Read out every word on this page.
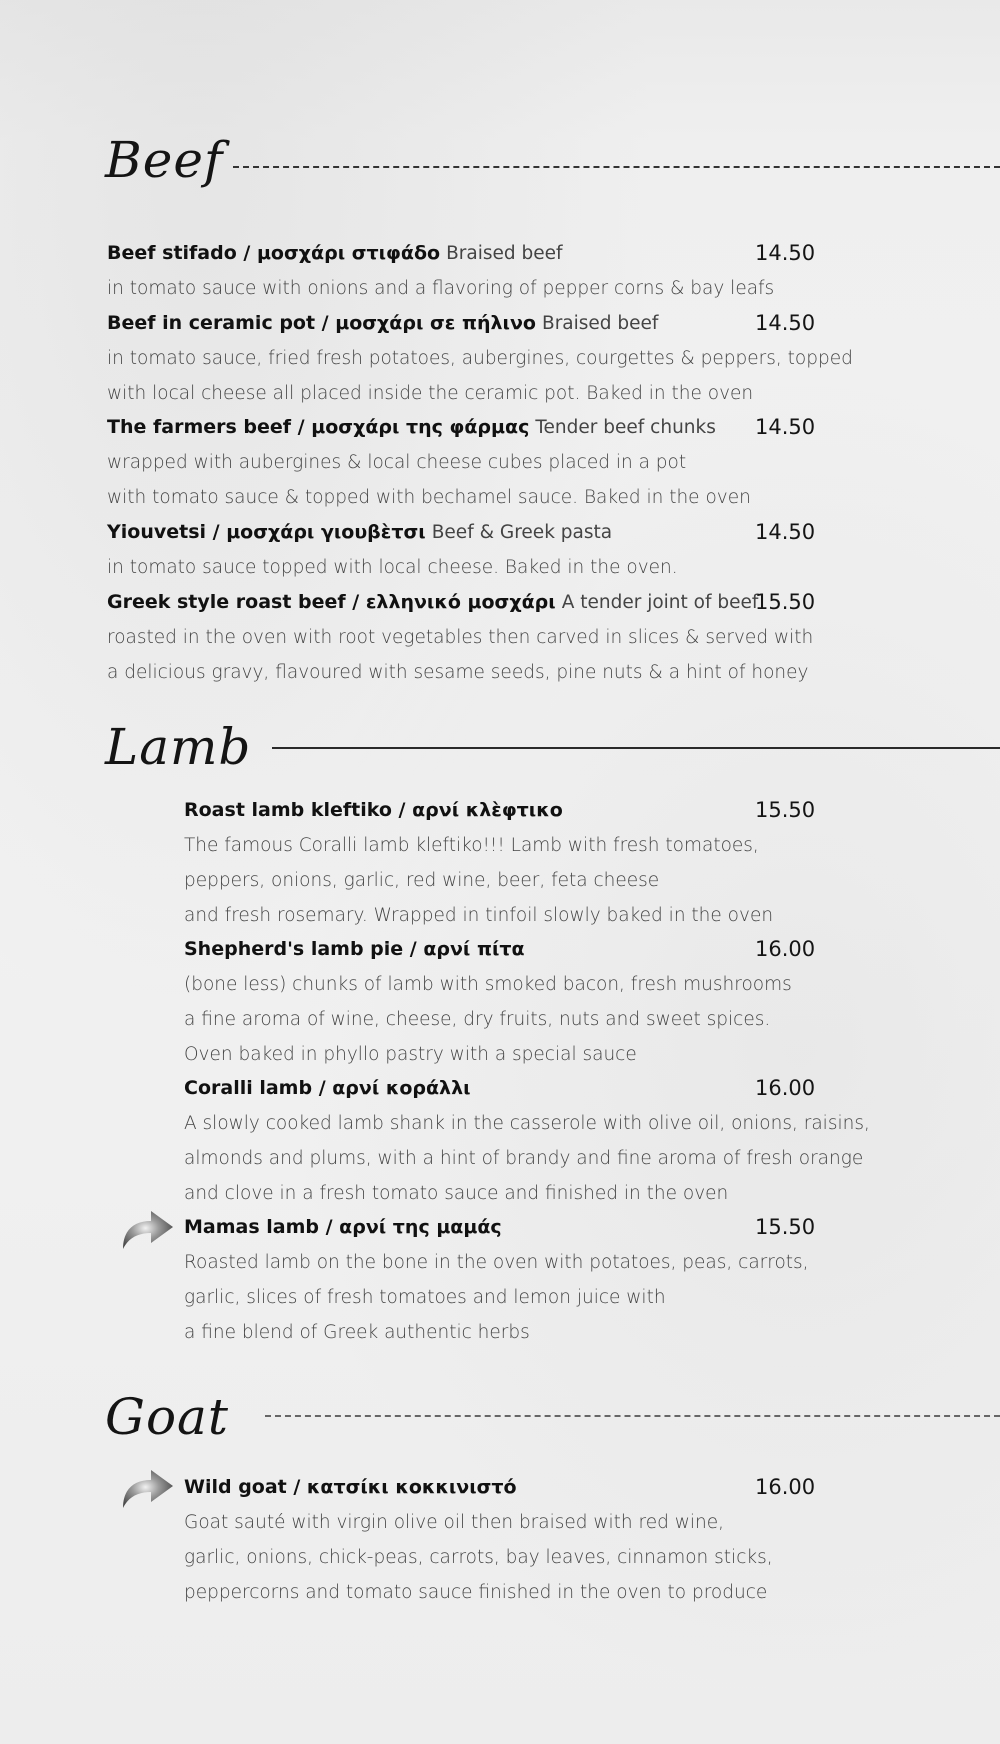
Beef
Beef stifado / μοσχάρι στιφάδο Braised beef
in tomato sauce with onions and a flavoring of pepper corns & bay leafs
14.50
Beef in ceramic pot / μοσχάρι σε πήλινο Braised beef
in tomato sauce, fried fresh potatoes, aubergines, courgettes & peppers, topped
with local cheese all placed inside the ceramic pot. Baked in the oven
14.50
The farmers beef / μοσχάρι της φάρμας Tender beef chunks
wrapped with aubergines & local cheese cubes placed in a pot
with tomato sauce & topped with bechamel sauce. Baked in the oven
14.50
Yiouvetsi / μοσχάρι γιουβὲτσι Beef & Greek pasta
in tomato sauce topped with local cheese. Baked in the oven.
14.50
Greek style roast beef / ελληνικό μοσχάρι A tender joint of beef
roasted in the oven with root vegetables then carved in slices & served with
a delicious gravy, flavoured with sesame seeds, pine nuts & a hint of honey
15.50
Lamb
Roast lamb kleftiko / αρνί κλὲφτικο
The famous Coralli lamb kleftiko!!! Lamb with fresh tomatoes,
peppers, onions, garlic, red wine, beer, feta cheese
and fresh rosemary. Wrapped in tinfoil slowly baked in the oven
15.50
Shepherd's lamb pie / αρνί πίτα
(bone less) chunks of lamb with smoked bacon, fresh mushrooms
a fine aroma of wine, cheese, dry fruits, nuts and sweet spices.
Oven baked in phyllo pastry with a special sauce
16.00
Coralli lamb / αρνί κοράλλι
A slowly cooked lamb shank in the casserole with olive oil, onions, raisins,
almonds and plums, with a hint of brandy and fine aroma of fresh orange
and clove in a fresh tomato sauce and finished in the oven
16.00
Mamas lamb / αρνί της μαμάς
Roasted lamb on the bone in the oven with potatoes, peas, carrots,
garlic, slices of fresh tomatoes and lemon juice with
a fine blend of Greek authentic herbs
15.50
Goat
Wild goat / κατσίκι κοκκινιστό
Goat sauté with virgin olive oil then braised with red wine,
garlic, onions, chick-peas, carrots, bay leaves, cinnamon sticks,
peppercorns and tomato sauce finished in the oven to produce
16.00
